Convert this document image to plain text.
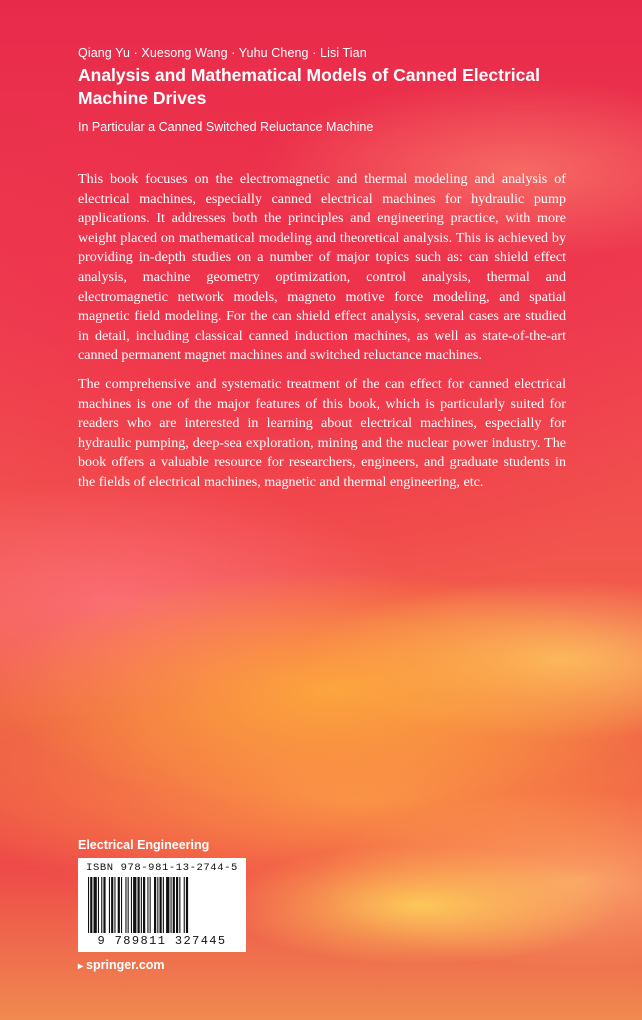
Qiang Yu · Xuesong Wang · Yuhu Cheng · Lisi Tian
Analysis and Mathematical Models of Canned Electrical Machine Drives
In Particular a Canned Switched Reluctance Machine

This book focuses on the electromagnetic and thermal modeling and analysis of electrical machines, especially canned electrical machines for hydraulic pump applications. It addresses both the principles and engineering practice, with more weight placed on mathematical modeling and theoretical analysis. This is achieved by providing in-depth studies on a number of major topics such as: can shield effect analysis, machine geometry optimization, control analysis, thermal and electromagnetic network models, magneto motive force modeling, and spatial magnetic field modeling. For the can shield effect analysis, several cases are studied in detail, including classical canned induction machines, as well as state-of-the-art canned permanent magnet machines and switched reluctance machines.

The comprehensive and systematic treatment of the can effect for canned electrical machines is one of the major features of this book, which is particularly suited for readers who are interested in learning about electrical machines, especially for hydraulic pumping, deep-sea exploration, mining and the nuclear power industry. The book offers a valuable resource for researchers, engineers, and graduate students in the fields of electrical machines, magnetic and thermal engineering, etc.

Electrical Engineering
ISBN 978-981-13-2744-5
9 789811 327445
▸ springer.com
